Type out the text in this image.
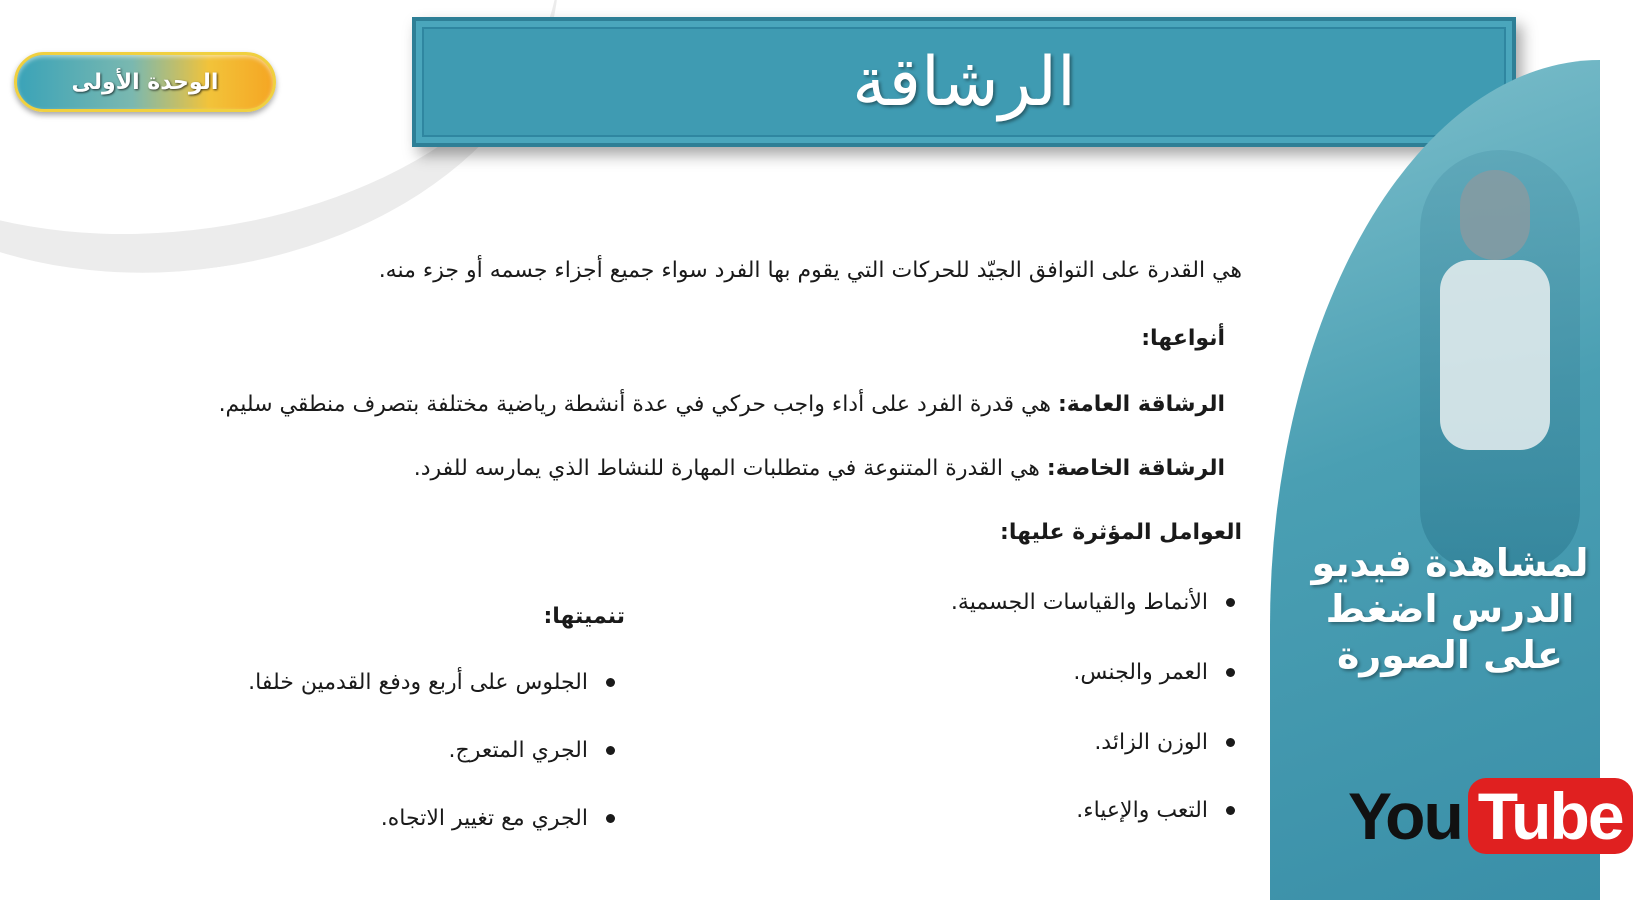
الوحدة الأولى	الرشاقة
لمشاهدة فيديو
الدرس اضغط
على الصورة
You Tube
هي القدرة على التوافق الجيّد للحركات التي يقوم بها الفرد سواء جميع أجزاء جسمه أو جزء منه.
أنواعها:
الرشاقة العامة: هي قدرة الفرد على أداء واجب حركي في عدة أنشطة رياضية مختلفة بتصرف منطقي سليم.
الرشاقة الخاصة: هي القدرة المتنوعة في متطلبات المهارة للنشاط الذي يمارسه للفرد.
العوامل المؤثرة عليها:
الأنماط والقياسات الجسمية.
العمر والجنس.
الوزن الزائد.
التعب والإعياء.
تنميتها:
الجلوس على أربع ودفع القدمين خلفا.
الجري المتعرج.
الجري مع تغيير الاتجاه.
